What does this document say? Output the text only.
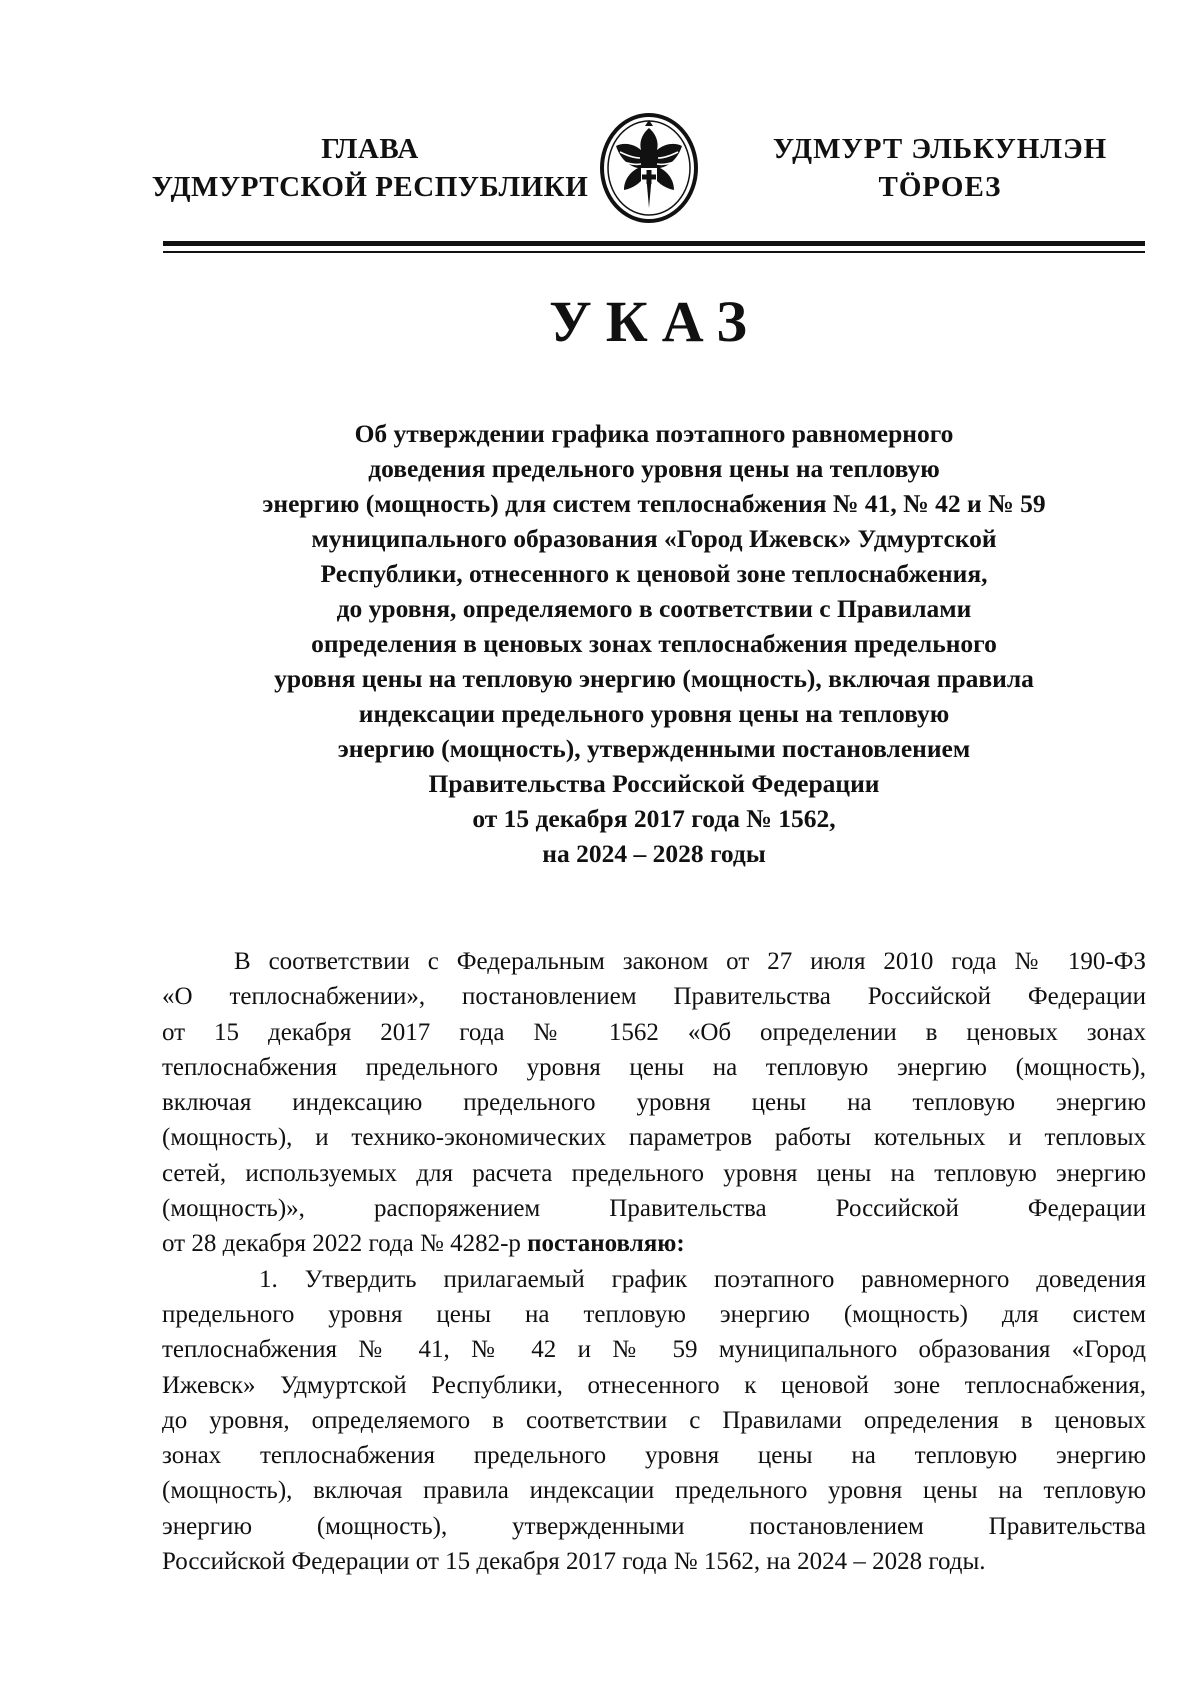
ГЛАВА
УДМУРТСКОЙ РЕСПУБЛИКИ
УДМУРТ ЭЛЬКУНЛЭН
ТӦРОЕЗ
УКАЗ
Об утверждении графика поэтапного равномерного
доведения предельного уровня цены на тепловую
энергию (мощность) для систем теплоснабжения № 41, № 42 и № 59
муниципального образования «Город Ижевск» Удмуртской
Республики, отнесенного к ценовой зоне теплоснабжения,
до уровня, определяемого в соответствии с Правилами
определения в ценовых зонах теплоснабжения предельного
уровня цены на тепловую энергию (мощность), включая правила
индексации предельного уровня цены на тепловую
энергию (мощность), утвержденными постановлением
Правительства Российской Федерации
от 15 декабря 2017 года № 1562,
на 2024 – 2028 годы
В соответствии с Федеральным законом от 27 июля 2010 года № 190-ФЗ
«О теплоснабжении», постановлением Правительства Российской Федерации
от 15 декабря 2017 года № 1562 «Об определении в ценовых зонах
теплоснабжения предельного уровня цены на тепловую энергию (мощность),
включая индексацию предельного уровня цены на тепловую энергию
(мощность), и технико-экономических параметров работы котельных и тепловых
сетей, используемых для расчета предельного уровня цены на тепловую энергию
(мощность)», распоряжением Правительства Российской Федерации
от 28 декабря 2022 года № 4282-р постановляю:
1. Утвердить прилагаемый график поэтапного равномерного доведения
предельного уровня цены на тепловую энергию (мощность) для систем
теплоснабжения № 41, № 42 и № 59 муниципального образования «Город
Ижевск» Удмуртской Республики, отнесенного к ценовой зоне теплоснабжения,
до уровня, определяемого в соответствии с Правилами определения в ценовых
зонах теплоснабжения предельного уровня цены на тепловую энергию
(мощность), включая правила индексации предельного уровня цены на тепловую
энергию (мощность), утвержденными постановлением Правительства
Российской Федерации от 15 декабря 2017 года № 1562, на 2024 – 2028 годы.
